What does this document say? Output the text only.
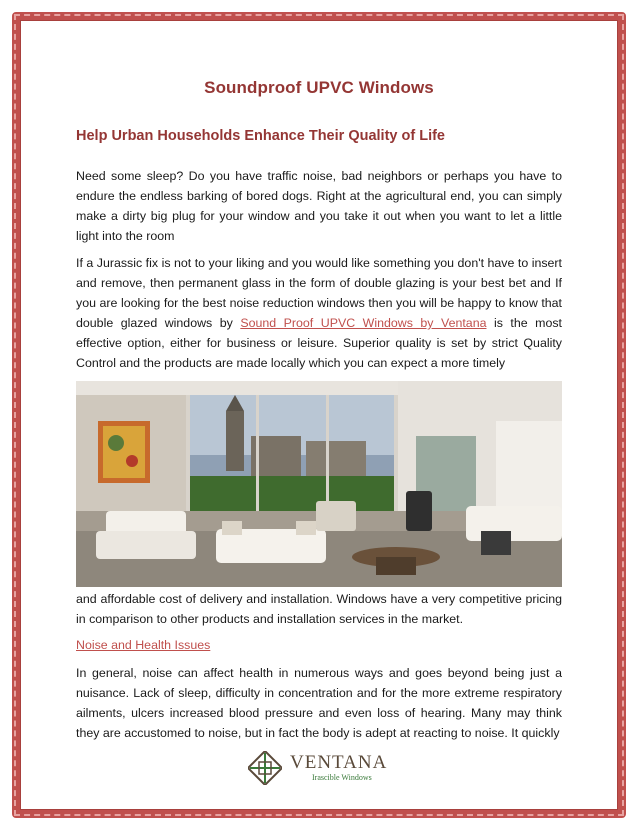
Soundproof UPVC Windows
Help Urban Households Enhance Their Quality of Life

Need some sleep? Do you have traffic noise, bad neighbors or perhaps you have to endure the endless barking of bored dogs. Right at the agricultural end, you can simply make a dirty big plug for your window and you take it out when you want to let a little light into the room

If a Jurassic fix is not to your liking and you would like something you don't have to insert and remove, then permanent glass in the form of double glazing is your best bet and If you are looking for the best noise reduction windows then you will be happy to know that double glazed windows by Sound Proof UPVC Windows by Ventana is the most effective option, either for business or leisure. Superior quality is set by strict Quality Control and the products are made locally which you can expect a more timely

and affordable cost of delivery and installation. Windows have a very competitive pricing in comparison to other products and installation services in the market.

Noise and Health Issues

In general, noise can affect health in numerous ways and goes beyond being just a nuisance. Lack of sleep, difficulty in concentration and for the more extreme respiratory ailments, ulcers increased blood pressure and even loss of hearing. Many may think they are accustomed to noise, but in fact the body is adept at reacting to noise. It quickly

VENTANA
Irascible Windows
